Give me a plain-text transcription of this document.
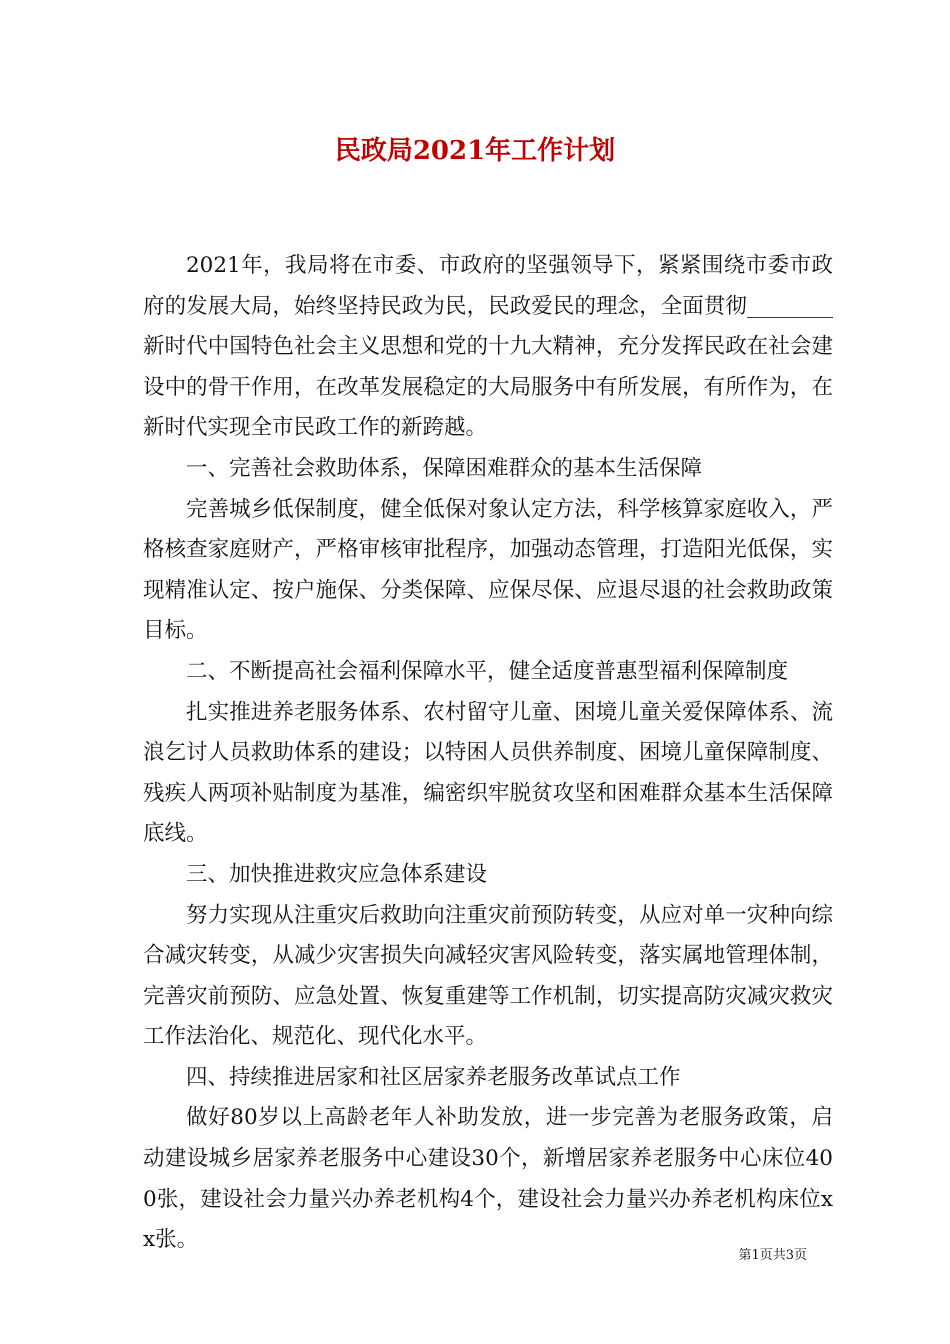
民政局2021年工作计划

2021年，我局将在市委、市政府的坚强领导下，紧紧围绕市委市政府的发展大局，始终坚持民政为民，民政爱民的理念，全面贯彻________新时代中国特色社会主义思想和党的十九大精神，充分发挥民政在社会建设中的骨干作用，在改革发展稳定的大局服务中有所发展，有所作为，在新时代实现全市民政工作的新跨越。

一、完善社会救助体系，保障困难群众的基本生活保障

完善城乡低保制度，健全低保对象认定方法，科学核算家庭收入，严格核查家庭财产，严格审核审批程序，加强动态管理，打造阳光低保，实现精准认定、按户施保、分类保障、应保尽保、应退尽退的社会救助政策目标。

二、不断提高社会福利保障水平，健全适度普惠型福利保障制度

扎实推进养老服务体系、农村留守儿童、困境儿童关爱保障体系、流浪乞讨人员救助体系的建设；以特困人员供养制度、困境儿童保障制度、残疾人两项补贴制度为基准，编密织牢脱贫攻坚和困难群众基本生活保障底线。

三、加快推进救灾应急体系建设

努力实现从注重灾后救助向注重灾前预防转变，从应对单一灾种向综合减灾转变，从减少灾害损失向减轻灾害风险转变，落实属地管理体制，完善灾前预防、应急处置、恢复重建等工作机制，切实提高防灾减灾救灾工作法治化、规范化、现代化水平。

四、持续推进居家和社区居家养老服务改革试点工作

做好80岁以上高龄老年人补助发放，进一步完善为老服务政策，启动建设城乡居家养老服务中心建设30个，新增居家养老服务中心床位400张，建设社会力量兴办养老机构4个，建设社会力量兴办养老机构床位xx张。

第1页共3页
